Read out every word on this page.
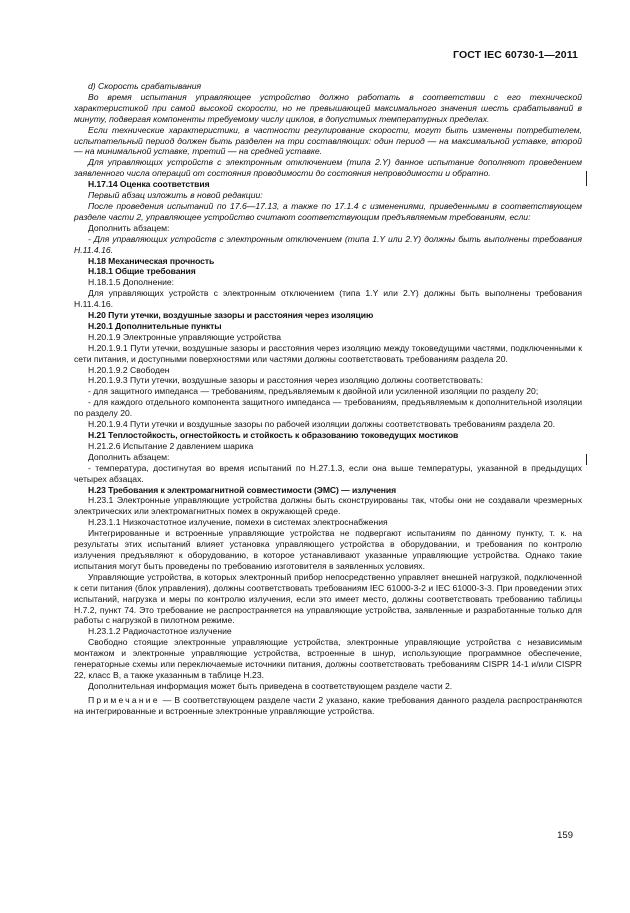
ГОСТ IEC 60730-1—2011

d) Скорость срабатывания

Во время испытания управляющее устройство должно работать в соответствии с его технической характеристикой при самой высокой скорости, но не превышающей максимального значения шесть срабатываний в минуту, подвергая компоненты требуемому числу циклов, в допустимых температурных пределах.

Если технические характеристики, в частности регулирование скорости, могут быть изменены потребителем, испытательный период должен быть разделен на три составляющих: один период — на максимальной уставке, второй — на минимальной уставке, третий — на средней уставке.

Для управляющих устройств с электронным отключением (типа 2.Y) данное испытание дополняют проведением заявленного числа операций от состояния проводимости до состояния непроводимости и обратно.

Н.17.14 Оценка соответствия

Первый абзац изложить в новой редакции:

После проведения испытаний по 17.6—17.13, а также по 17.1.4 с изменениями, приведенными в соответствующем разделе части 2, управляющее устройство считают соответствующим предъявляемым требованиям, если:

Дополнить абзацем:

- Для управляющих устройств с электронным отключением (типа 1.Y или 2.Y) должны быть выполнены требования Н.11.4.16.

Н.18 Механическая прочность

Н.18.1 Общие требования

Н.18.1.5 Дополнение:

Для управляющих устройств с электронным отключением (типа 1.Y или 2.Y) должны быть выполнены требования Н.11.4.16.

Н.20 Пути утечки, воздушные зазоры и расстояния через изоляцию

Н.20.1 Дополнительные пункты

Н.20.1.9 Электронные управляющие устройства

Н.20.1.9.1 Пути утечки, воздушные зазоры и расстояния через изоляцию между токоведущими частями, подключенными к сети питания, и доступными поверхностями или частями должны соответствовать требованиям раздела 20.

Н.20.1.9.2 Свободен

Н.20.1.9.3 Пути утечки, воздушные зазоры и расстояния через изоляцию должны соответствовать:

- для защитного импеданса — требованиям, предъявляемым к двойной или усиленной изоляции по разделу 20;

- для каждого отдельного компонента защитного импеданса — требованиям, предъявляемым к дополнительной изоляции по разделу 20.

Н.20.1.9.4 Пути утечки и воздушные зазоры по рабочей изоляции должны соответствовать требованиям раздела 20.

Н.21 Теплостойкость, огнестойкость и стойкость к образованию токоведущих мостиков

Н.21.2.6 Испытание 2 давлением шарика

Дополнить абзацем:

- температура, достигнутая во время испытаний по Н.27.1.3, если она выше температуры, указанной в предыдущих четырех абзацах.

Н.23 Требования к электромагнитной совместимости (ЭМС) — излучения

Н.23.1 Электронные управляющие устройства должны быть сконструированы так, чтобы они не создавали чрезмерных электрических или электромагнитных помех в окружающей среде.

Н.23.1.1 Низкочастотное излучение, помехи в системах электроснабжения

Интегрированные и встроенные управляющие устройства не подвергают испытаниям по данному пункту, т. к. на результаты этих испытаний влияет установка управляющего устройства в оборудовании, и требования по контролю излучения предъявляют к оборудованию, в которое устанавливают указанные управляющие устройства. Однако такие испытания могут быть проведены по требованию изготовителя в заявленных условиях.

Управляющие устройства, в которых электронный прибор непосредственно управляет внешней нагрузкой, подключенной к сети питания (блок управления), должны соответствовать требованиям IEC 61000-3-2 и IEC 61000-3-3. При проведении этих испытаний, нагрузка и меры по контролю излучения, если это имеет место, должны соответствовать требованию таблицы Н.7.2, пункт 74. Это требование не распространяется на управляющие устройства, заявленные и разработанные только для работы с нагрузкой в пилотном режиме.

Н.23.1.2 Радиочастотное излучение

Свободно стоящие электронные управляющие устройства, электронные управляющие устройства с независимым монтажом и электронные управляющие устройства, встроенные в шнур, использующие программное обеспечение, генераторные схемы или переключаемые источники питания, должны соответствовать требованиям CISPR 14-1 и/или CISPR 22, класс В, а также указанным в таблице Н.23.

Дополнительная информация может быть приведена в соответствующем разделе части 2.

Примечание — В соответствующем разделе части 2 указано, какие требования данного раздела распространяются на интегрированные и встроенные электронные управляющие устройства.

159
